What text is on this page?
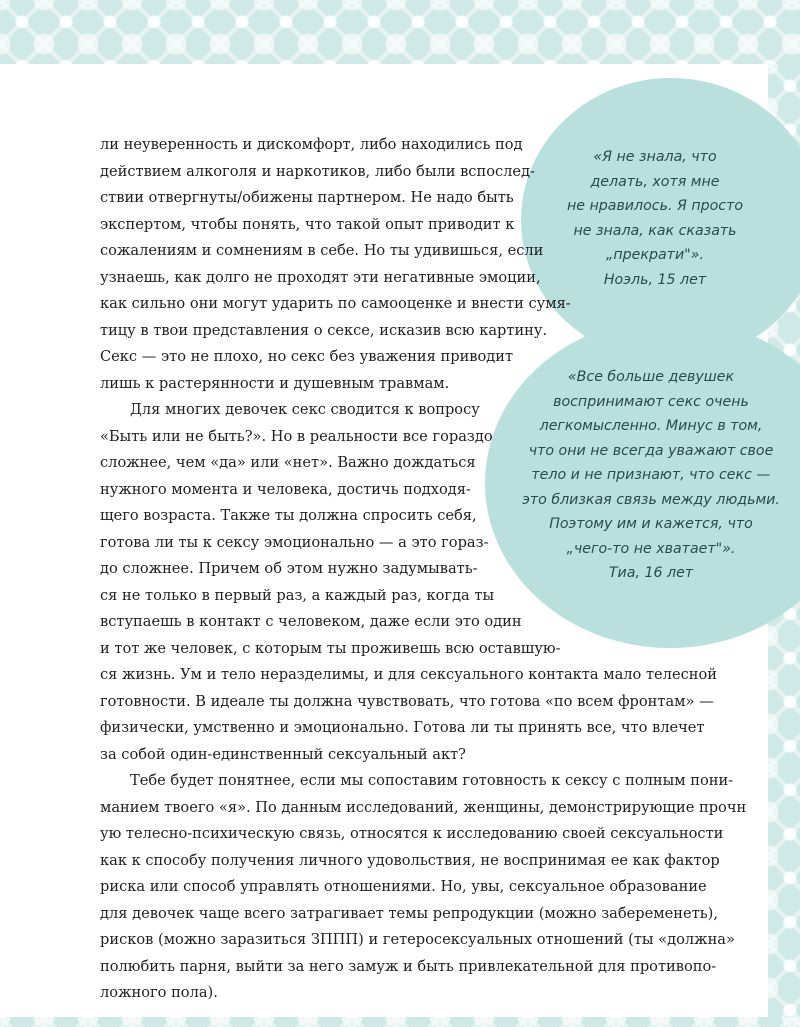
ли неуверенность и дискомфорт, либо находились под
действием алкоголя и наркотиков, либо были вспослед-
ствии отвергнуты/обижены партнером. Не надо быть
экспертом, чтобы понять, что такой опыт приводит к
сожалениям и сомнениям в себе. Но ты удивишься, если
узнаешь, как долго не проходят эти негативные эмоции,
как сильно они могут ударить по самооценке и внести сумя-
тицу в твои представления о сексе, исказив всю картину.
Секс — это не плохо, но секс без уважения приводит
лишь к растерянности и душевным травмам.

Для многих девочек секс сводится к вопросу
«Быть или не быть?». Но в реальности все гораздо
сложнее, чем «да» или «нет». Важно дождаться
нужного момента и человека, достичь подходя-
щего возраста. Также ты должна спросить себя,
готова ли ты к сексу эмоционально — а это гораз-
до сложнее. Причем об этом нужно задумывать-
ся не только в первый раз, а каждый раз, когда ты
вступаешь в контакт с человеком, даже если это один
и тот же человек, с которым ты проживешь всю оставшую-
ся жизнь. Ум и тело неразделимы, и для сексуального контакта мало телесной
готовности. В идеале ты должна чувствовать, что готова «по всем фронтам» —
физически, умственно и эмоционально. Готова ли ты принять все, что влечет
за собой один-единственный сексуальный акт?

Тебе будет понятнее, если мы сопоставим готовность к сексу с полным пони-
манием твоего «я». По данным исследований, женщины, демонстрирующие прочн
ую телесно-психическую связь, относятся к исследованию своей сексуальности
как к способу получения личного удовольствия, не воспринимая ее как фактор
риска или способ управлять отношениями. Но, увы, сексуальное образование
для девочек чаще всего затрагивает темы репродукции (можно забеременеть),
рисков (можно заразиться ЗППП) и гетеросексуальных отношений (ты «должна»
полюбить парня, выйти за него замуж и быть привлекательной для противопо-
ложного пола).

«Я не знала, что
делать, хотя мне
не нравилось. Я просто
не знала, как сказать
„прекрати"».
Ноэль, 15 лет
«Все больше девушек
воспринимают секс очень
легкомысленно. Минус в том,
что они не всегда уважают свое
тело и не признают, что секс —
это близкая связь между людьми.
Поэтому им и кажется, что
„чего-то не хватает"».
Тиа, 16 лет
